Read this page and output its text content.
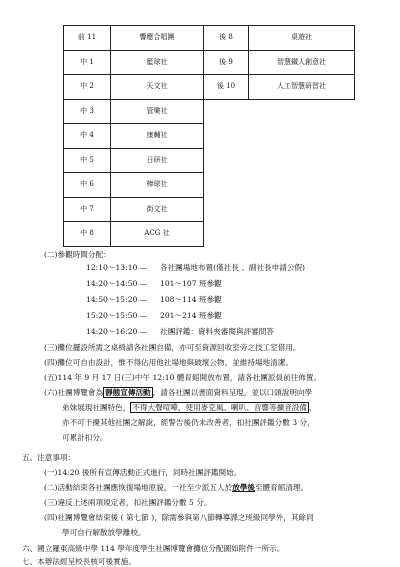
前 11	響應合唱團	後 8	桌遊社
中 1	籃球社	後 9	智慧鐵人創意社
中 2	天文社	後 10	人工智慧研習社
中 3	管樂社		
中 4	康輔社		
中 5	日研社		
中 6	棒球社		
中 7	街文社		
中 8	ACG 社		
(二)參觀時間分配：
12:10～13:10 — 各社團場地布置(僅社長 、副社長申請公假)
14:20～14:50 — 101～107 班參觀
14:50～15:20 — 108～114 班參觀
15:20～15:50 — 201～214 班參觀
14:20～16:20 — 社團評鑑：資料夾審閱與評審問答
(三)攤位擺設所需之桌椅請各社團自備，亦可至資源回收室旁之技工室借用。
(四)攤位可自由設計，惟不得佔用他社場地與破壞公物，並維持場地清潔。
(五)114 年 9 月 17 日(三)中午 12:10 體育館開放布置，請各社團派員前往佈置。
(六)社團博覽會為 靜態宣傳活動 ，請各社團以書面資料呈現，並以口頭說明向學
弟妹展現社團特色， 不得大聲喧嘩、使用麥克風、喇叭、音響等擴音設備 ，
亦不可干擾其他社團之解說，經警告後仍未改善者，扣社團評鑑分數 3 分，
可累計扣分。
五、注意事項：
(一)14:20 後所有宣傳活動正式進行，同時社團評鑑開始。
(二)活動結束各社團應恢復場地原貌，一社至少派五人於放學後至體育館清理。
(三)違反上述兩項規定者，扣社團評鑑分數 5 分。
(四)社團博覽會結束後 ( 第七節 )，除需參與第八節轉導課之班級同學外，其餘同
學可自行解散放學離校。
六、國立羅東高級中學 114 學年度學生社團博覽會攤位分配圖如附件一所示。
七、本辦法經呈校長核可後實施。
